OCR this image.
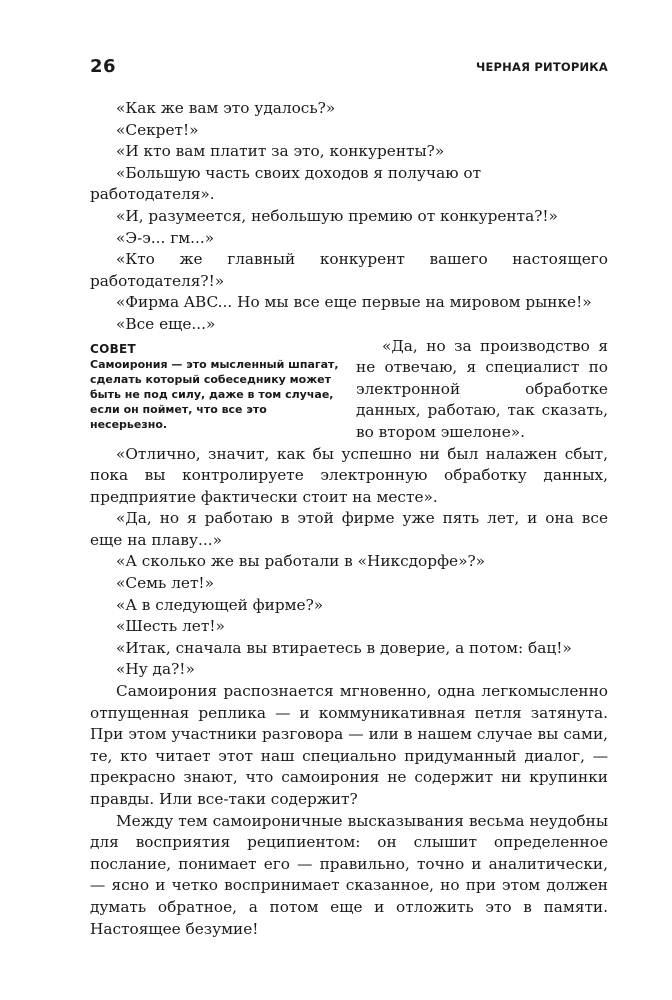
26	ЧЕРНАЯ РИТОРИКА

«Как же вам это удалось?»

«Секрет!»

«И кто вам платит за это, конкуренты?»

«Большую часть своих доходов я получаю от работодателя».

«И, разумеется, небольшую премию от конкурента?!»

«Э-э... гм...»

«Кто же главный конкурент вашего настоящего работодателя?!»

«Фирма ABC... Но мы все еще первые на мировом рынке!»

«Все еще...»

СОВЕТ
Самоирония — это мысленный шпагат, сделать который собеседнику может быть не под силу, даже в том случае, если он поймет, что все это несерьезно.

«Да, но за производство я не отвечаю, я специалист по электронной обработке данных, работаю, так сказать, во втором эшелоне».

«Отлично, значит, как бы успешно ни был налажен сбыт, пока вы контролируете электронную обработку данных, предприятие фактически стоит на месте».

«Да, но я работаю в этой фирме уже пять лет, и она все еще на плаву...»

«А сколько же вы работали в «Никсдорфе»?»

«Семь лет!»

«А в следующей фирме?»

«Шесть лет!»

«Итак, сначала вы втираетесь в доверие, а потом: бац!»

«Ну да?!»

Самоирония распознается мгновенно, одна легкомысленно отпущенная реплика — и коммуникативная петля затянута. При этом участники разговора — или в нашем случае вы сами, те, кто читает этот наш специально придуманный диалог, — прекрасно знают, что самоирония не содержит ни крупинки правды. Или все-таки содержит?

Между тем самоироничные высказывания весьма неудобны для восприятия реципиентом: он слышит определенное послание, понимает его — правильно, точно и аналитически, — ясно и четко воспринимает сказанное, но при этом должен думать обратное, а потом еще и отложить это в памяти. Настоящее безумие!
